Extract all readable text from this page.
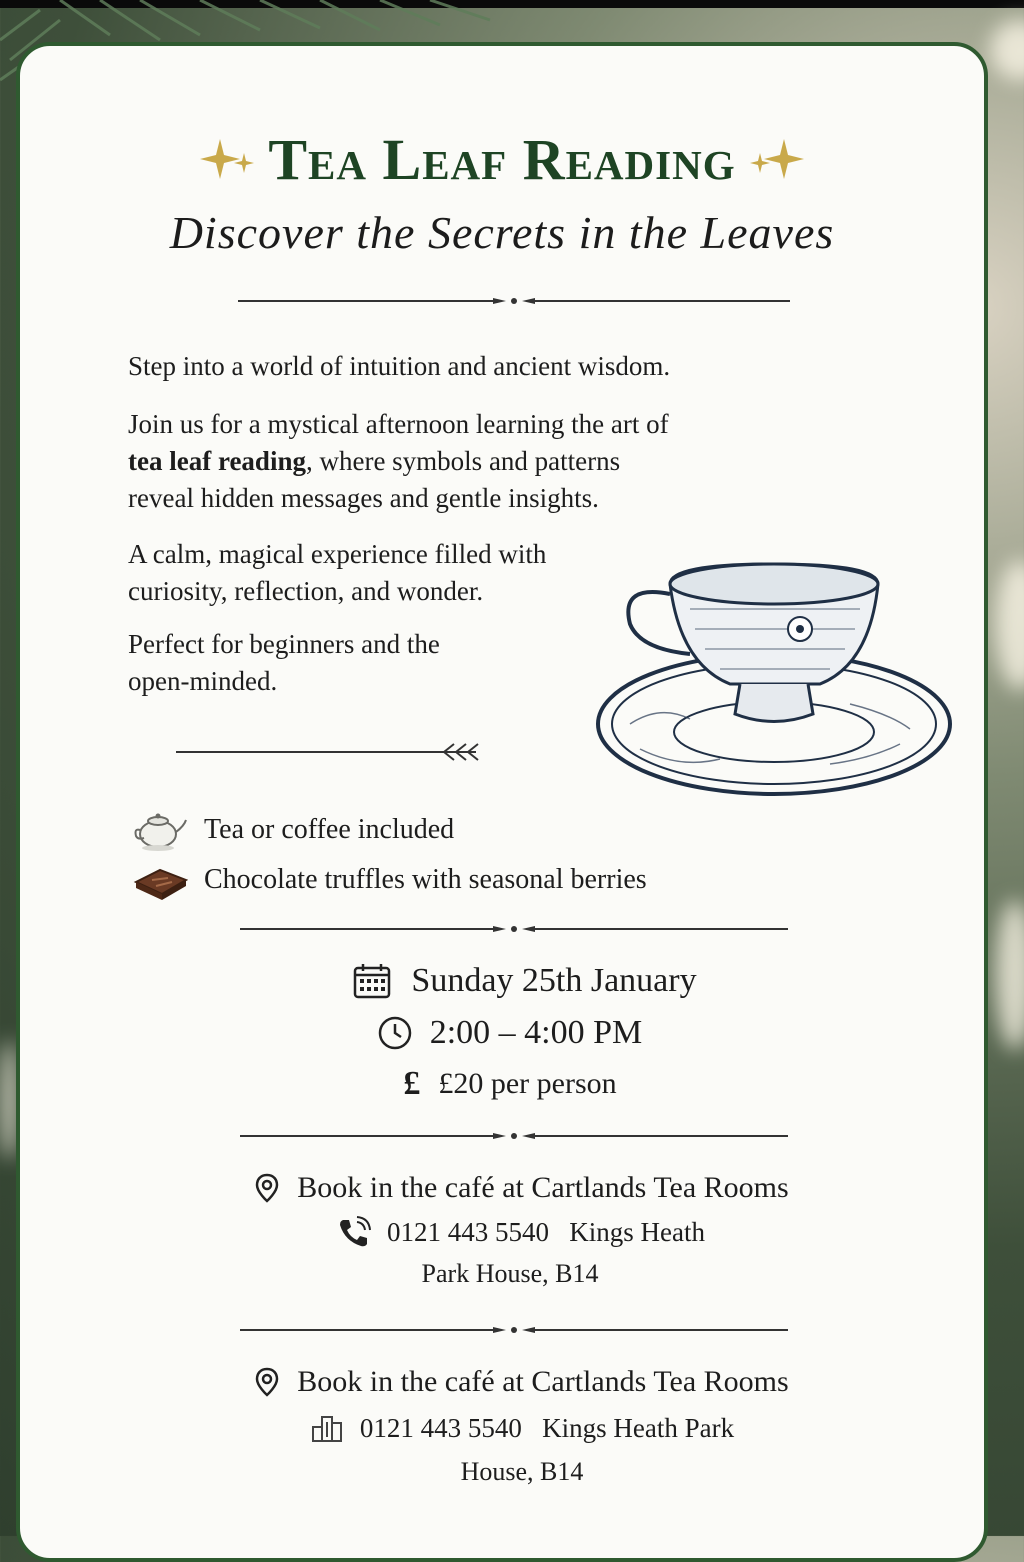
Tea Leaf Reading
Discover the Secrets in the Leaves
Step into a world of intuition and ancient wisdom.
Join us for a mystical afternoon learning the art of
tea leaf reading, where symbols and patterns
reveal hidden messages and gentle insights.
A calm, magical experience filled with
curiosity, reflection, and wonder.
Perfect for beginners and the
open-minded.
Tea or coffee included
Chocolate truffles with seasonal berries
Sunday 25th January
2:00 – 4:00 PM
£ £20 per person
Book in the café at Cartlands Tea Rooms
0121 443 5540   Kings Heath
Park House, B14
Book in the café at Cartlands Tea Rooms
0121 443 5540   Kings Heath Park
House, B14
